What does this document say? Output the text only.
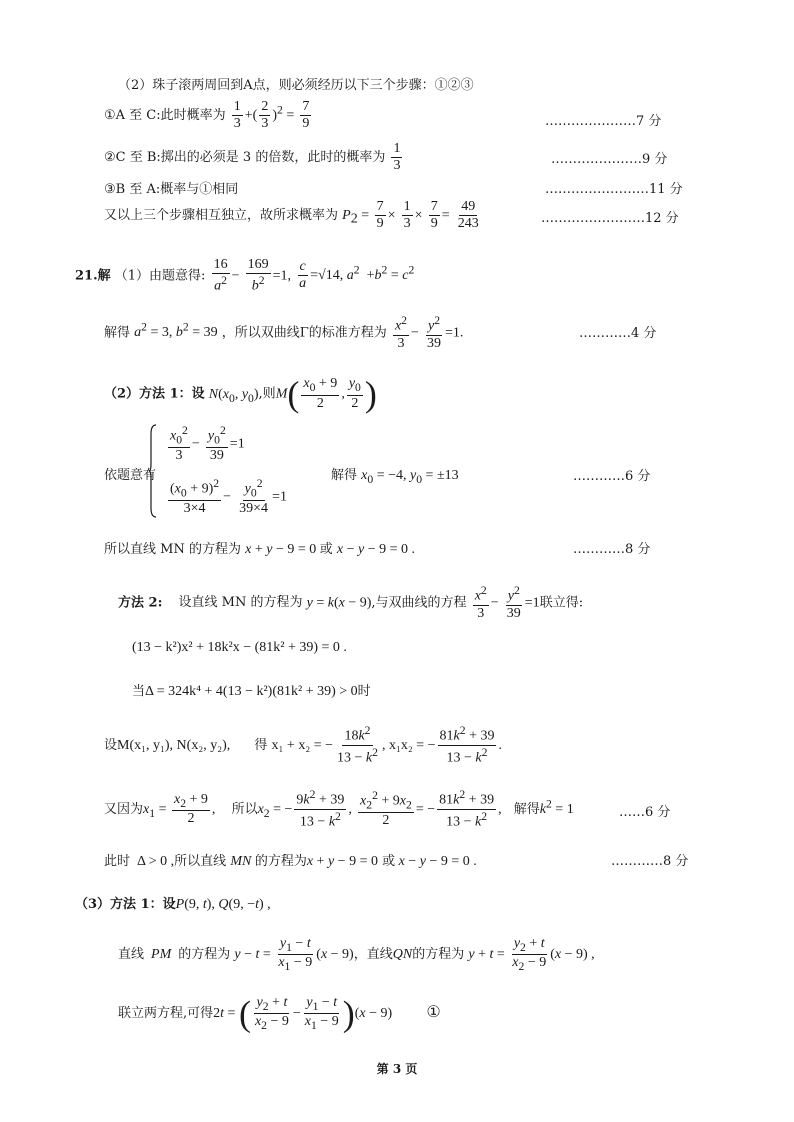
（2）珠子滚两周回到A点，则必须经历以下三个步骤：①②③
①A 至 C:此时概率为 $\frac{1}{3}$ +( $\frac{2}{3} )^2 = \frac{7}{9}$	…………………7 分
②C 至 B:掷出的必须是 3 的倍数，此时的概率为 $\frac{1}{3}$	…………………9 分
③B 至 A:概率与①相同	……………………11 分
又以上三个步骤相互独立，故所求概率为 $P_2 = \frac{7}{9} \times \frac{1}{3} \times \frac{7}{9} = \frac{49}{243}$	……………………12 分
21.解 （1）由题意得: $\frac{16}{a^2} - \frac{169}{b^2} =1$, $\frac{c}{a} =√14$, $a^2 +b^2 = c^2$
解得 $a^2 = 3$, $b^2 = 39$ ，所以双曲线Γ的标准方程为 $\frac{x^2}{3} - \frac{y^2}{39} =1$.	…………4 分
（2）方法 1：设 $N(x_0$, $y_0$),则$M( \frac{x_0 + 9}{2}$ , $\frac{y_0}{2}$ )
依题意有
$\frac{x_0^2}{3} - \frac{y_0^2}{39} =1$
$\frac{(x_0 + 9)^2}{3\times 4} - \frac{y_0^2}{39\times 4} =1$
解得 $x_0 = -4$, $y_0 = \pm 13$	…………6 分
所以直线 MN 的方程为 x + y − 9 = 0 或 x − y − 9 = 0 .	…………8 分
方法 2: 设直线 MN 的方程为 y = k(x − 9),与双曲线的方程 $\frac{x^2}{3} - \frac{y^2}{39} =1$联立得:
(13 − k²)x² + 18k²x − (81k² + 39) = 0 .
当Δ = 324k⁴ + 4(13 − k²)(81k² + 39) > 0时
设M(x₁, y₁), N(x₂, y₂), 得 x₁ + x₂ = − $\frac{18k^2}{13 - k^2}$ , x₁x₂ = − $\frac{81k^2 + 39}{13 - k^2}$ .
又因为$x_1 = \frac{x_2 + 9}{2}$ , 所以$x_2$ = − $\frac{9k^2 + 39}{13 - k^2}$ , $\frac{x_2^2 + 9x_2}{2}$ = − $\frac{81k^2 + 39}{13 - k^2}$ , 解得$k^2 = 1$	……6 分
此时  Δ > 0 ,所以直线 MN 的方程为x + y − 9 = 0 或 x − y − 9 = 0 .	…………8 分
（3）方法 1：设P(9, t), Q(9, −t) ,
直线 PM 的方程为 $y - t = \frac{y_1 - t}{x_1 - 9} (x - 9)$，直线QN的方程为 $y + t = \frac{y_2 + t}{x_2 - 9} (x - 9)$ ,
联立两方程,可得2t = ( $\frac{y_2 + t}{x_2 - 9} - \frac{y_1 - t}{x_1 - 9} )(x - 9)$ ①
第 3 页
